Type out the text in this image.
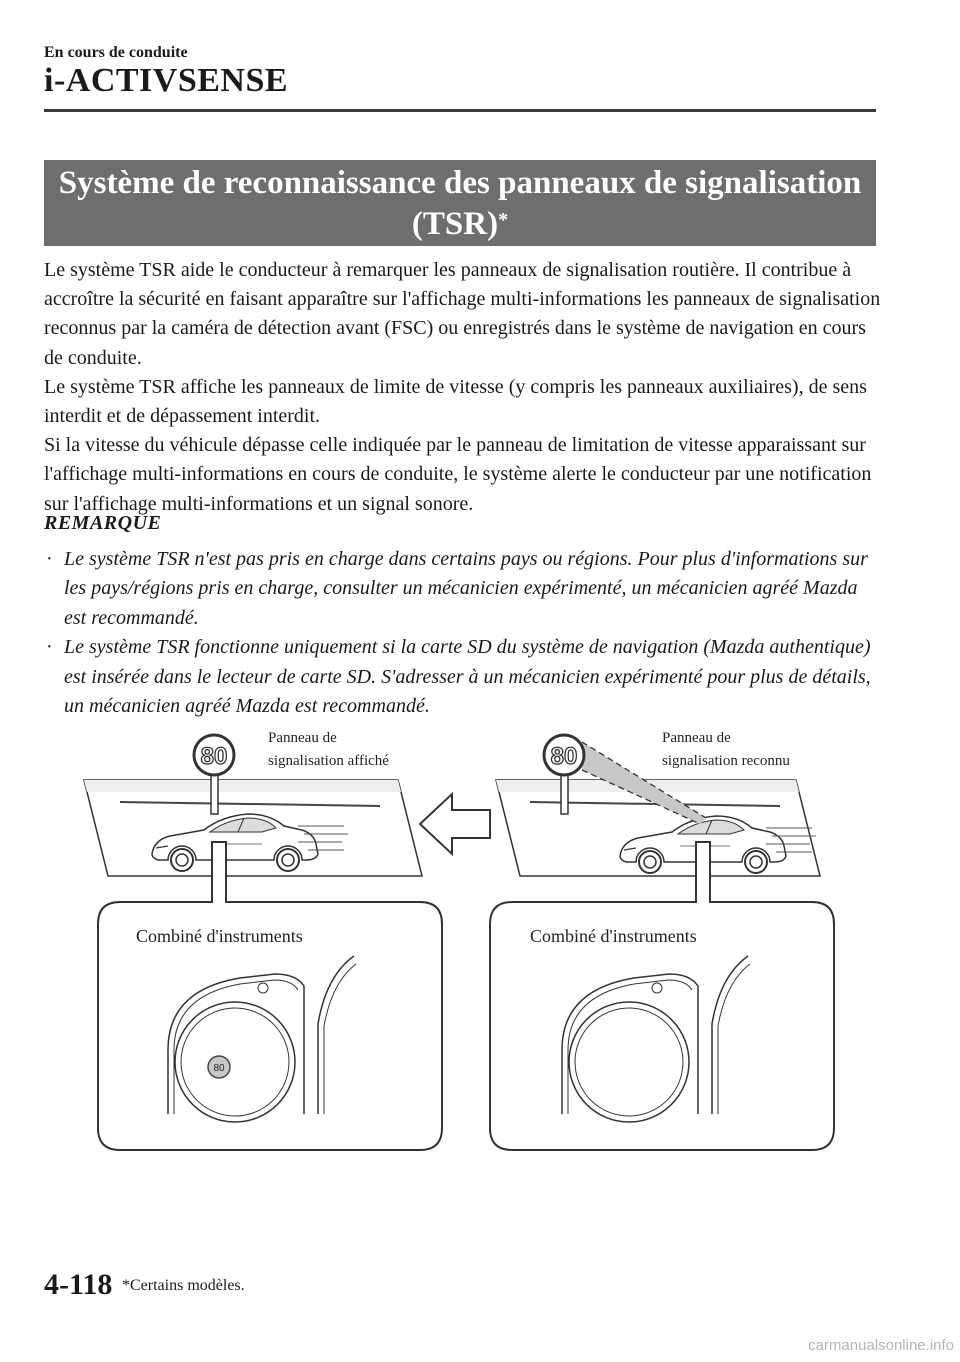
En cours de conduite
i-ACTIVSENSE
Système de reconnaissance des panneaux de signalisation
(TSR)*

Le système TSR aide le conducteur à remarquer les panneaux de signalisation routière. Il contribue à accroître la sécurité en faisant apparaître sur l'affichage multi-informations les panneaux de signalisation reconnus par la caméra de détection avant (FSC) ou enregistrés dans le système de navigation en cours de conduite.

Le système TSR affiche les panneaux de limite de vitesse (y compris les panneaux auxiliaires), de sens interdit et de dépassement interdit.

Si la vitesse du véhicule dépasse celle indiquée par le panneau de limitation de vitesse apparaissant sur l'affichage multi-informations en cours de conduite, le système alerte le conducteur par une notification sur l'affichage multi-informations et un signal sonore.

REMARQUE
· Le système TSR n'est pas pris en charge dans certains pays ou régions. Pour plus d'informations sur les pays/régions pris en charge, consulter un mécanicien expérimenté, un mécanicien agréé Mazda est recommandé.
· Le système TSR fonctionne uniquement si la carte SD du système de navigation (Mazda authentique) est insérée dans le lecteur de carte SD. S'adresser à un mécanicien expérimenté pour plus de détails, un mécanicien agréé Mazda est recommandé.
80
Panneau de
signalisation affiché	80
Panneau de
signalisation reconnu
Combiné d'instruments
80
Combiné d'instruments
4-118 *Certains modèles.
carmanualsonline.info
